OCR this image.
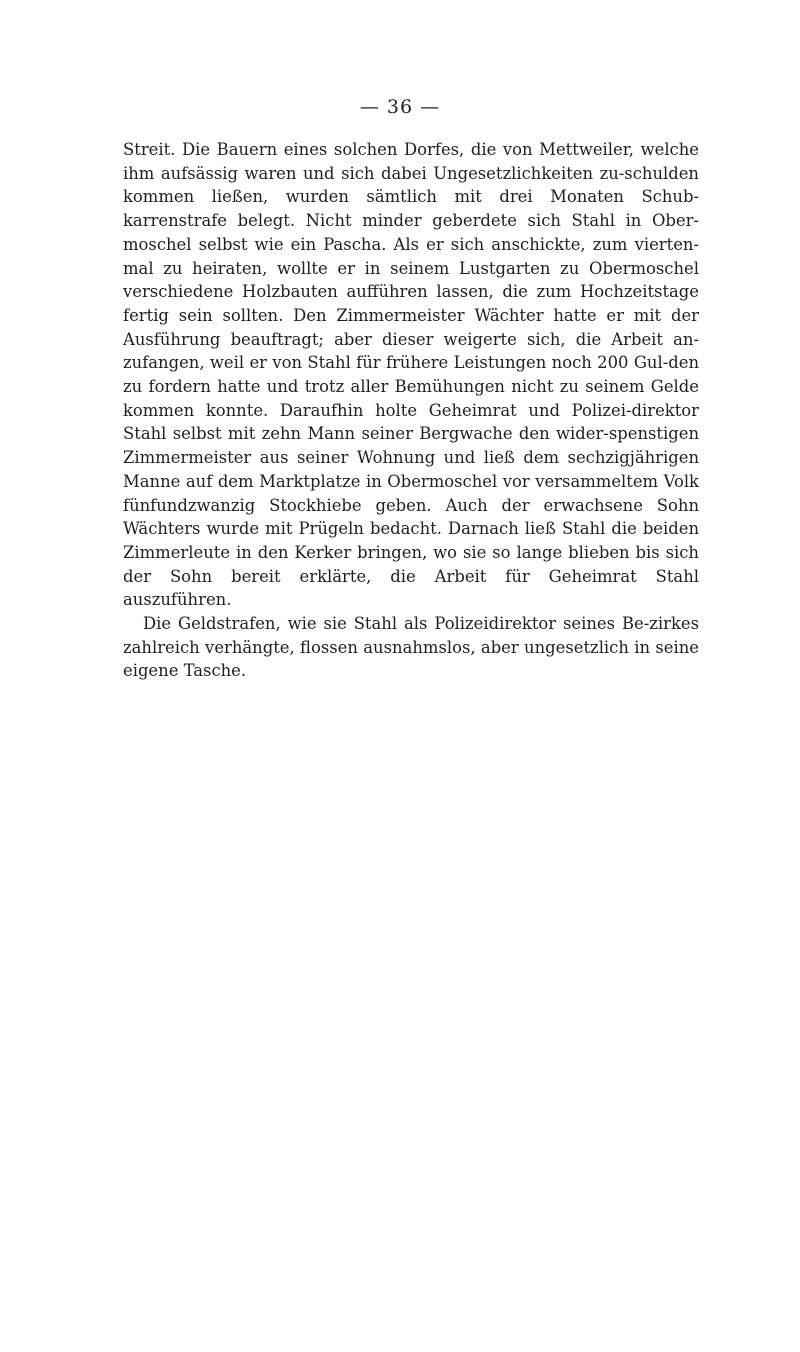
— 36 —

Streit. Die Bauern eines solchen Dorfes, die von Mettweiler, welche ihm aufsässig waren und sich dabei Ungesetzlichkeiten zu-schulden kommen ließen, wurden sämtlich mit drei Monaten Schub-karrenstrafe belegt. Nicht minder geberdete sich Stahl in Ober-moschel selbst wie ein Pascha. Als er sich anschickte, zum vierten-mal zu heiraten, wollte er in seinem Lustgarten zu Obermoschel verschiedene Holzbauten aufführen lassen, die zum Hochzeitstage fertig sein sollten. Den Zimmermeister Wächter hatte er mit der Ausführung beauftragt; aber dieser weigerte sich, die Arbeit an-zufangen, weil er von Stahl für frühere Leistungen noch 200 Gul-den zu fordern hatte und trotz aller Bemühungen nicht zu seinem Gelde kommen konnte. Daraufhin holte Geheimrat und Polizei-direktor Stahl selbst mit zehn Mann seiner Bergwache den wider-spenstigen Zimmermeister aus seiner Wohnung und ließ dem sechzigjährigen Manne auf dem Marktplatze in Obermoschel vor versammeltem Volk fünfundzwanzig Stockhiebe geben. Auch der erwachsene Sohn Wächters wurde mit Prügeln bedacht. Darnach ließ Stahl die beiden Zimmerleute in den Kerker bringen, wo sie so lange blieben bis sich der Sohn bereit erklärte, die Arbeit für Geheimrat Stahl auszuführen.

Die Geldstrafen, wie sie Stahl als Polizeidirektor seines Be-zirkes zahlreich verhängte, flossen ausnahmslos, aber ungesetzlich in seine eigene Tasche.
